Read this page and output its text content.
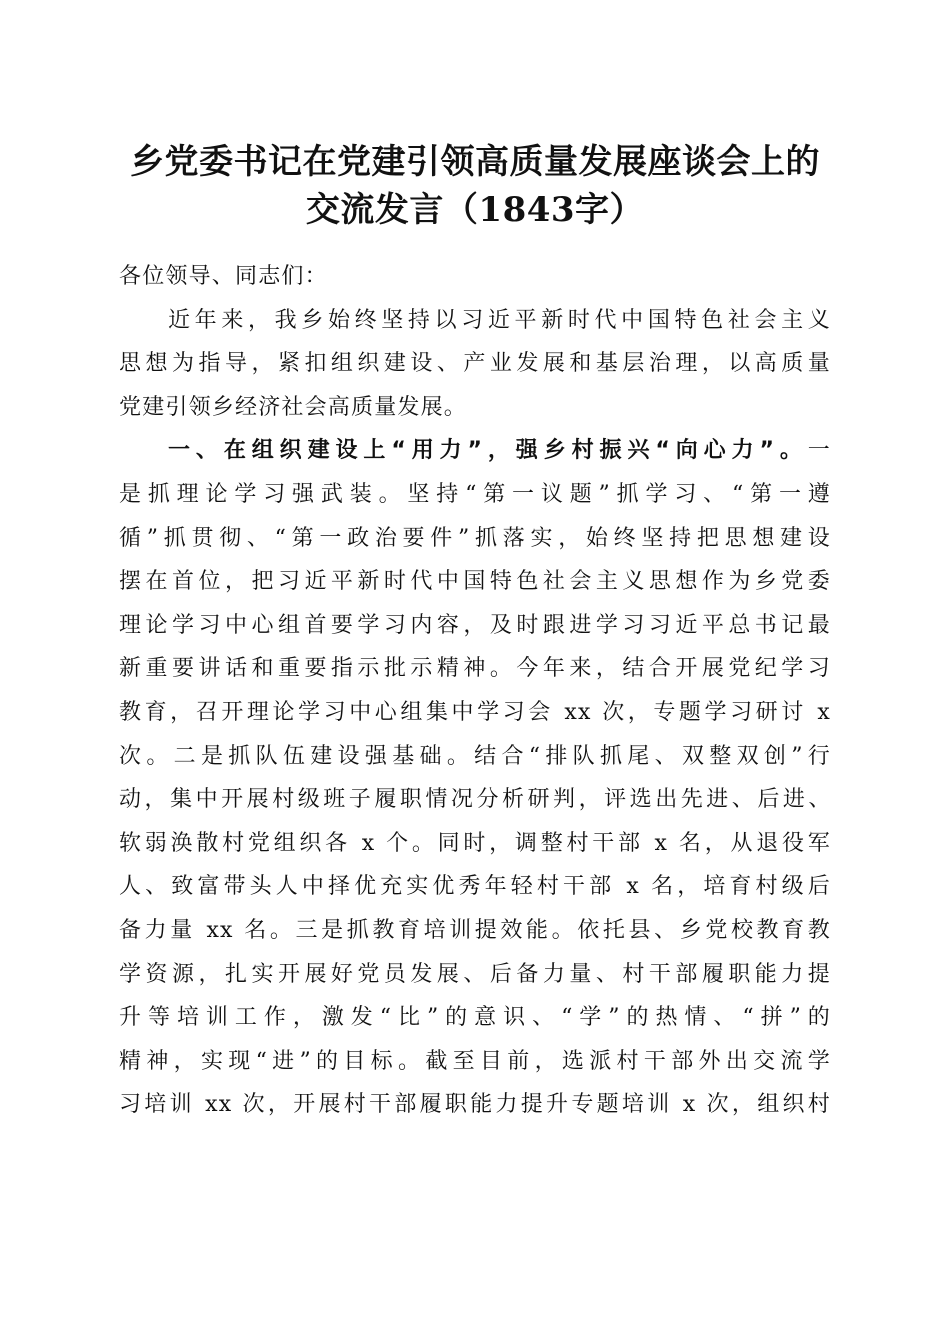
乡党委书记在党建引领高质量发展座谈会上的
交流发言（1843字）
各位领导、同志们：
近年来，我乡始终坚持以习近平新时代中国特色社会主义
思想为指导，紧扣组织建设、产业发展和基层治理，以高质量
党建引领乡经济社会高质量发展。
一、在组织建设上“用力”，强乡村振兴“向心力”。一
是抓理论学习强武装。坚持“第一议题”抓学习、“第一遵
循”抓贯彻、“第一政治要件”抓落实，始终坚持把思想建设
摆在首位，把习近平新时代中国特色社会主义思想作为乡党委
理论学习中心组首要学习内容，及时跟进学习习近平总书记最
新重要讲话和重要指示批示精神。今年来，结合开展党纪学习
教育，召开理论学习中心组集中学习会 xx 次，专题学习研讨 x
次。二是抓队伍建设强基础。结合“排队抓尾、双整双创”行
动，集中开展村级班子履职情况分析研判，评选出先进、后进、
软弱涣散村党组织各 x 个。同时，调整村干部 x 名，从退役军
人、致富带头人中择优充实优秀年轻村干部 x 名，培育村级后
备力量 xx 名。三是抓教育培训提效能。依托县、乡党校教育教
学资源，扎实开展好党员发展、后备力量、村干部履职能力提
升等培训工作，激发“比”的意识、“学”的热情、“拼”的
精神，实现“进”的目标。截至目前，选派村干部外出交流学
习培训 xx 次，开展村干部履职能力提升专题培训 x 次，组织村
